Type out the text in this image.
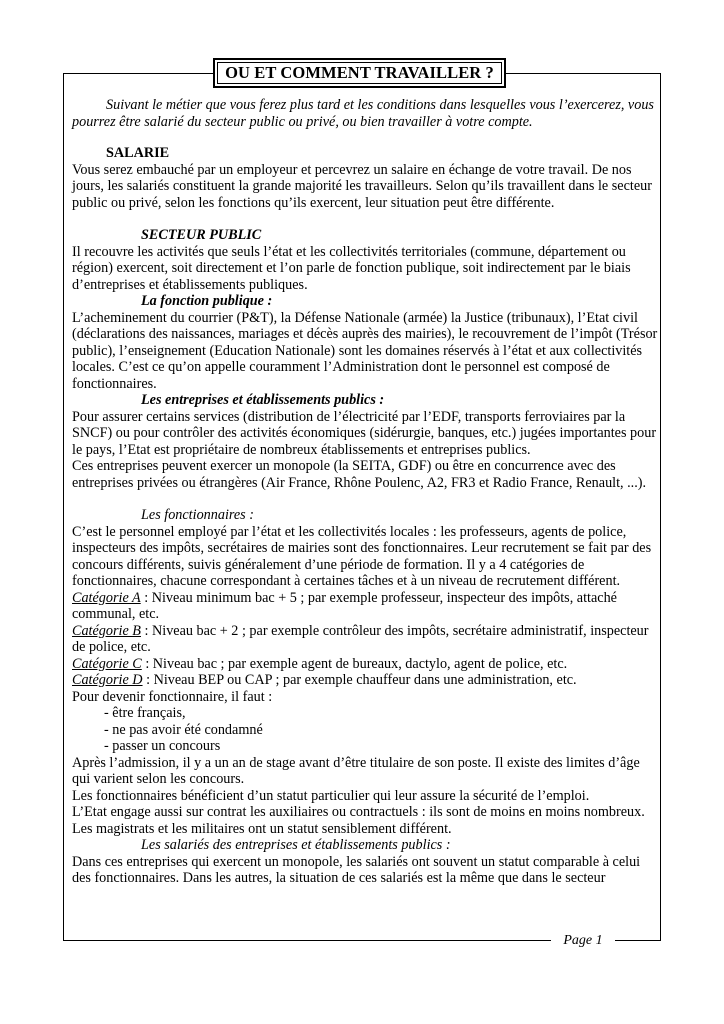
OU ET COMMENT TRAVAILLER ?

Suivant le métier que vous ferez plus tard et les conditions dans lesquelles vous l’exercerez, vous pourrez être salarié du secteur public ou privé, ou bien travailler à votre compte.

SALARIE

Vous serez embauché par un employeur et percevrez un salaire en échange de votre travail. De nos jours, les salariés constituent la grande majorité les travailleurs. Selon qu’ils travaillent dans le secteur public ou privé, selon les fonctions qu’ils exercent, leur situation peut être différente.

SECTEUR PUBLIC

Il recouvre les activités que seuls l’état et les collectivités territoriales (commune, département ou région) exercent, soit directement et l’on parle de fonction publique, soit indirectement par le biais d’entreprises et établissements publiques.

La fonction publique :

L’acheminement du courrier (P&T), la Défense Nationale (armée) la Justice (tribunaux), l’Etat civil (déclarations des naissances, mariages et décès auprès des mairies), le recouvrement de l’impôt (Trésor public), l’enseignement (Education Nationale) sont les domaines réservés à l’état et aux collectivités locales. C’est ce qu’on appelle couramment l’Administration dont le personnel est composé de fonctionnaires.

Les entreprises et établissements publics :

Pour assurer certains services (distribution de l’électricité par l’EDF, transports ferroviaires par la SNCF) ou pour contrôler des activités économiques (sidérurgie, banques, etc.) jugées importantes pour le pays, l’Etat est propriétaire de nombreux établissements et entreprises publics.

Ces entreprises peuvent exercer un monopole (la SEITA, GDF) ou être en concurrence avec des entreprises privées ou étrangères (Air France, Rhône Poulenc, A2, FR3 et Radio France, Renault, ...).

Les fonctionnaires :

C’est le personnel employé par l’état et les collectivités locales : les professeurs, agents de police, inspecteurs des impôts, secrétaires de mairies sont des fonctionnaires. Leur recrutement se fait par des concours différents, suivis généralement d’une période de formation. Il y a 4 catégories de fonctionnaires, chacune correspondant à certaines tâches et à un niveau de recrutement différent.

Catégorie A : Niveau minimum bac + 5 ; par exemple professeur, inspecteur des impôts, attaché communal, etc.

Catégorie B : Niveau bac + 2 ; par exemple contrôleur des impôts, secrétaire administratif, inspecteur de police, etc.

Catégorie C : Niveau bac ; par exemple agent de bureaux, dactylo, agent de police, etc.

Catégorie D : Niveau BEP ou CAP ; par exemple chauffeur dans une administration, etc.

Pour devenir fonctionnaire, il faut :

- être français,

- ne pas avoir été condamné

- passer un concours

Après l’admission, il y a un an de stage avant d’être titulaire de son poste. Il existe des limites d’âge qui varient selon les concours.

Les fonctionnaires bénéficient d’un statut particulier qui leur assure la sécurité de l’emploi.

L’Etat engage aussi sur contrat les auxiliaires ou contractuels : ils sont de moins en moins nombreux. Les magistrats et les militaires ont un statut sensiblement différent.

Les salariés des entreprises et établissements publics :

Dans ces entreprises qui exercent un monopole, les salariés ont souvent un statut comparable à celui des fonctionnaires. Dans les autres, la situation de ces salariés est la même que dans le secteur

Page 1
